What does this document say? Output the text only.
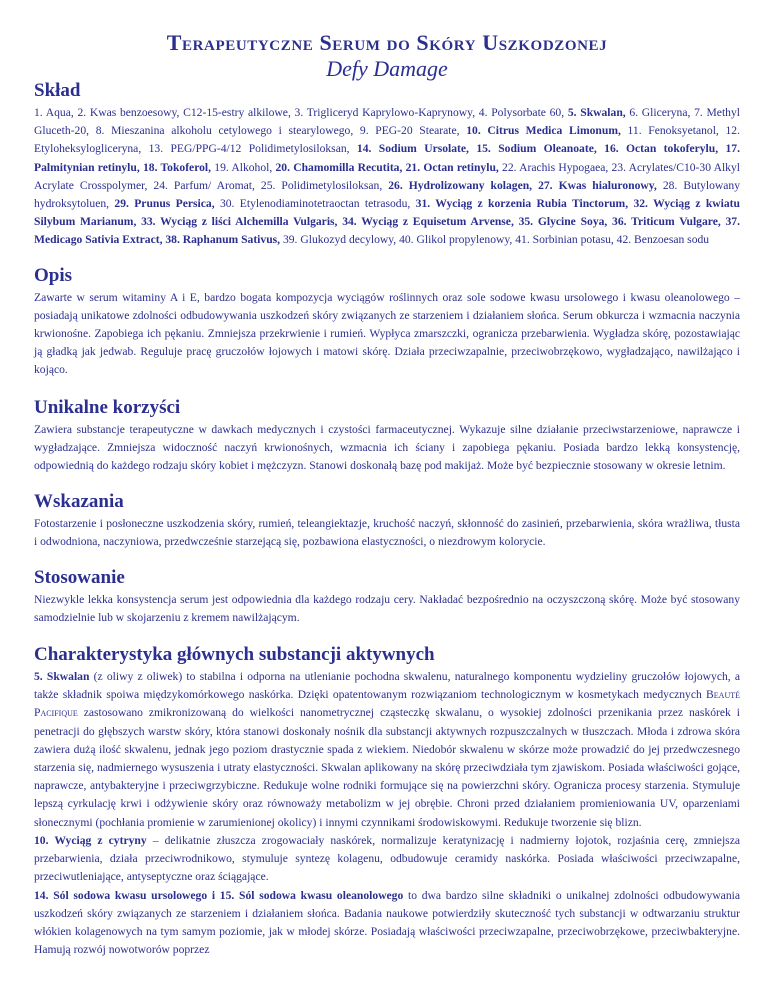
Terapeutyczne Serum do Skóry Uszkodzonej
Defy Damage
Skład

1. Aqua, 2. Kwas benzoesowy, C12-15-estry alkilowe, 3. Trigliceryd Kaprylowo-Kaprynowy, 4. Polysorbate 60, 5. Skwalan, 6. Gliceryna, 7. Methyl Gluceth-20, 8. Mieszanina alkoholu cetylowego i stearylowego, 9. PEG-20 Stearate, 10. Citrus Medica Limonum, 11. Fenoksyetanol, 12. Etyloheksylogliceryna, 13. PEG/PPG-4/12 Polidimetylosiloksan, 14. Sodium Ursolate, 15. Sodium Oleanoate, 16. Octan tokoferylu, 17. Palmitynian retinylu, 18. Tokoferol, 19. Alkohol, 20. Chamomilla Recutita, 21. Octan retinylu, 22. Arachis Hypogaea, 23. Acrylates/C10-30 Alkyl Acrylate Crosspolymer, 24. Parfum/ Aromat, 25. Polidimetylosiloksan, 26. Hydrolizowany kolagen, 27. Kwas hialuronowy, 28. Butylowany hydroksytoluen, 29. Prunus Persica, 30. Etylenodiaminotetraoctan tetrasodu, 31. Wyciąg z korzenia Rubia Tinctorum, 32. Wyciąg z kwiatu Silybum Marianum, 33. Wyciąg z liści Alchemilla Vulgaris, 34. Wyciąg z Equisetum Arvense, 35. Glycine Soya, 36. Triticum Vulgare, 37. Medicago Sativia Extract, 38. Raphanum Sativus, 39. Glukozyd decylowy, 40. Glikol propylenowy, 41. Sorbinian potasu, 42. Benzoesan sodu

Opis

Zawarte w serum witaminy A i E, bardzo bogata kompozycja wyciągów roślinnych oraz sole sodowe kwasu ursolowego i kwasu oleanolowego – posiadają unikatowe zdolności odbudowywania uszkodzeń skóry związanych ze starzeniem i działaniem słońca. Serum obkurcza i wzmacnia naczynia krwionośne. Zapobiega ich pękaniu. Zmniejsza przekrwienie i rumień. Wypłyca zmarszczki, ogranicza przebarwienia. Wygładza skórę, pozostawiając ją gładką jak jedwab. Reguluje pracę gruczołów łojowych i matowi skórę. Działa przeciwzapalnie, przeciwobrzękowo, wygładzająco, nawilżająco i kojąco.

Unikalne korzyści

Zawiera substancje terapeutyczne w dawkach medycznych i czystości farmaceutycznej. Wykazuje silne działanie przeciwstarzeniowe, naprawcze i wygładzające. Zmniejsza widoczność naczyń krwionośnych, wzmacnia ich ściany i zapobiega pękaniu. Posiada bardzo lekką konsystencję, odpowiednią do każdego rodzaju skóry kobiet i mężczyzn. Stanowi doskonałą bazę pod makijaż. Może być bezpiecznie stosowany w okresie letnim.

Wskazania

Fotostarzenie i posłoneczne uszkodzenia skóry, rumień, teleangiektazje, kruchość naczyń, skłonność do zasinień, przebarwienia, skóra wrażliwa, tłusta i odwodniona, naczyniowa, przedwcześnie starzejącą się, pozbawiona elastyczności, o niezdrowym kolorycie.

Stosowanie

Niezwykle lekka konsystencja serum jest odpowiednia dla każdego rodzaju cery. Nakładać bezpośrednio na oczyszczoną skórę. Może być stosowany samodzielnie lub w skojarzeniu z kremem nawilżającym.

Charakterystyka głównych substancji aktywnych

5. Skwalan (z oliwy z oliwek) to stabilna i odporna na utlenianie pochodna skwalenu, naturalnego komponentu wydzieliny gruczołów łojowych, a także składnik spoiwa międzykomórkowego naskórka. Dzięki opatentowanym rozwiązaniom technologicznym w kosmetykach medycznych Beauté Pacifique zastosowano zmikronizowaną do wielkości nanometrycznej cząsteczkę skwalanu, o wysokiej zdolności przenikania przez naskórek i penetracji do głębszych warstw skóry, która stanowi doskonały nośnik dla substancji aktywnych rozpuszczalnych w tłuszczach. Młoda i zdrowa skóra zawiera dużą ilość skwalenu, jednak jego poziom drastycznie spada z wiekiem. Niedobór skwalenu w skórze może prowadzić do jej przedwczesnego starzenia się, nadmiernego wysuszenia i utraty elastyczności. Skwalan aplikowany na skórę przeciwdziała tym zjawiskom. Posiada właściwości gojące, naprawcze, antybakteryjne i przeciwgrzybiczne. Redukuje wolne rodniki formujące się na powierzchni skóry. Ogranicza procesy starzenia. Stymuluje lepszą cyrkulację krwi i odżywienie skóry oraz równoważy metabolizm w jej obrębie. Chroni przed działaniem promieniowania UV, oparzeniami słonecznymi (pochłania promienie w zarumienionej okolicy) i innymi czynnikami środowiskowymi. Redukuje tworzenie się blizn.
10. Wyciąg z cytryny – delikatnie złuszcza zrogowaciały naskórek, normalizuje keratynizację i nadmierny łojotok, rozjaśnia cerę, zmniejsza przebarwienia, działa przeciwrodnikowo, stymuluje syntezę kolagenu, odbudowuje ceramidy naskórka. Posiada właściwości przeciwzapalne, przeciwutleniające, antyseptyczne oraz ściągające.
14. Sól sodowa kwasu ursolowego i 15. Sól sodowa kwasu oleanolowego to dwa bardzo silne składniki o unikalnej zdolności odbudowywania uszkodzeń skóry związanych ze starzeniem i działaniem słońca. Badania naukowe potwierdziły skuteczność tych substancji w odtwarzaniu struktur włókien kolagenowych na tym samym poziomie, jak w młodej skórze. Posiadają właściwości przeciwzapalne, przeciwobrzękowe, przeciwbakteryjne. Hamują rozwój nowotworów poprzez
